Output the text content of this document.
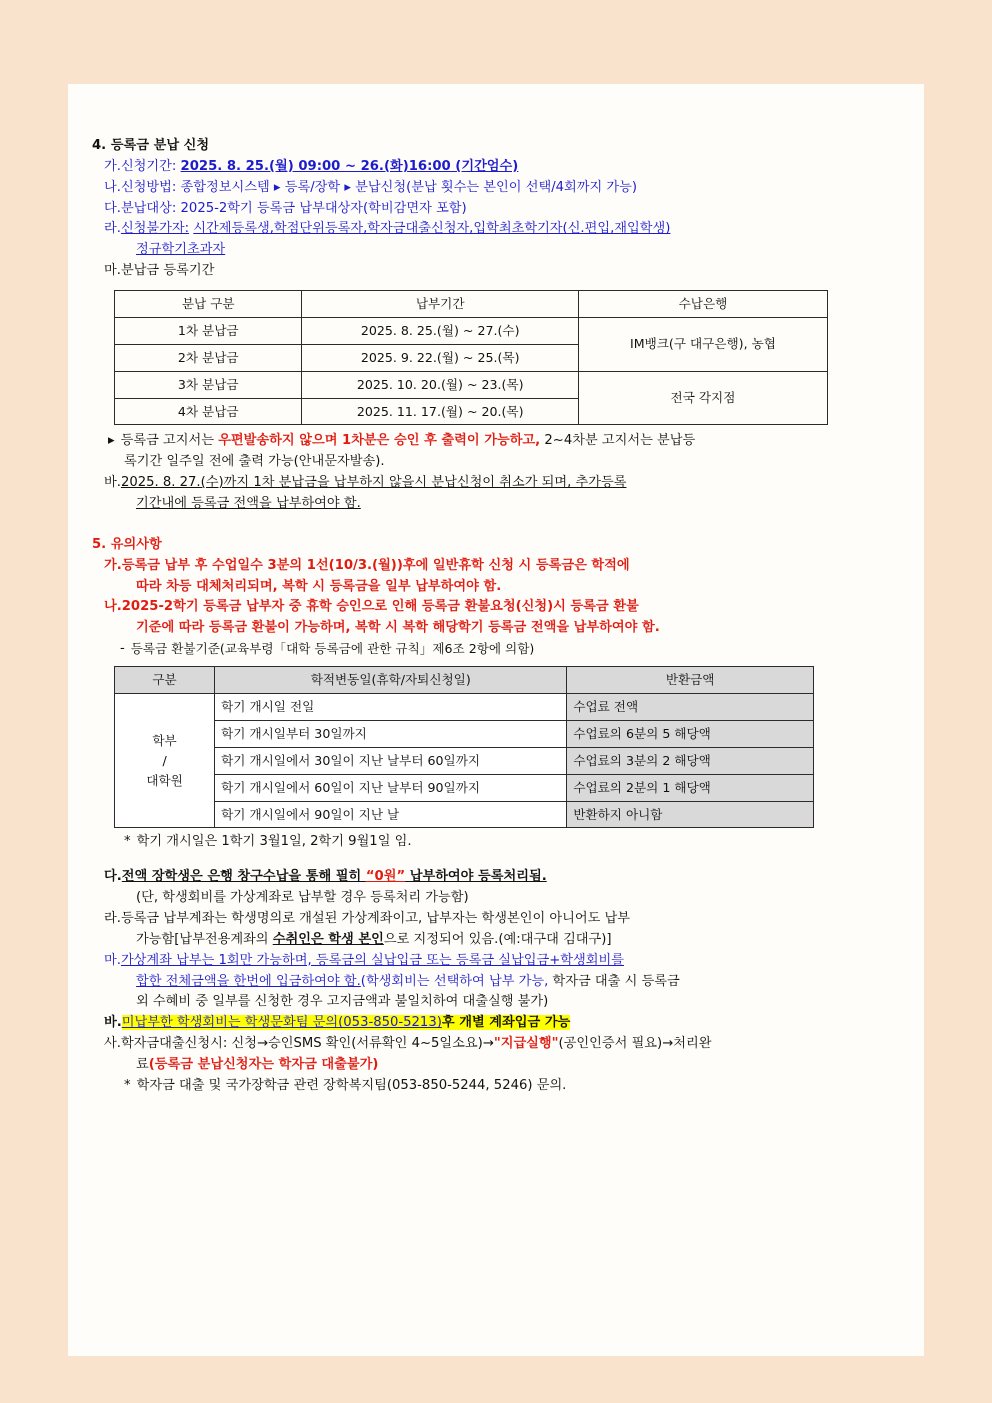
4. 등록금 분납 신청
가. 신청기간: 2025. 8. 25.(월) 09:00 ~ 26.(화)16:00 (기간엄수)
나. 신청방법: 종합정보시스템 ▸ 등록/장학 ▸ 분납신청(분납 횟수는 본인이 선택/4회까지 가능)
다. 분납대상: 2025-2학기 등록금 납부대상자(학비감면자 포함)
라. 신청불가자: 시간제등록생,학점단위등록자,학자금대출신청자,입학최초학기자(신.편입,재입학생)
정규학기초과자
마. 분납금 등록기간
분납 구분	납부기간	수납은행
1차 분납금	2025. 8. 25.(월) ~ 27.(수)	IM뱅크(구 대구은행), 농협
2차 분납금	2025. 9. 22.(월) ~ 25.(목)	
3차 분납금	2025. 10. 20.(월) ~ 23.(목)	전국 각지점
4차 분납금	2025. 11. 17.(월) ~ 20.(목)	
▸ 등록금 고지서는 우편발송하지 않으며 1차분은 승인 후 출력이 가능하고, 2~4차분 고지서는 분납등
록기간 일주일 전에 출력 가능(안내문자발송).
바. 2025. 8. 27.(수)까지 1차 분납금을 납부하지 않을시 분납신청이 취소가 되며, 추가등록
기간내에 등록금 전액을 납부하여야 함.
5. 유의사항
가. 등록금 납부 후 수업일수 3분의 1선(10/3.(월))후에 일반휴학 신청 시 등록금은 학적에
따라 차등 대체처리되며, 복학 시 등록금을 일부 납부하여야 함.
나. 2025-2학기 등록금 납부자 중 휴학 승인으로 인해 등록금 환불요청(신청)시 등록금 환불
기준에 따라 등록금 환불이 가능하며, 복학 시 복학 해당학기 등록금 전액을 납부하여야 함.
- 등록금 환불기준(교육부령「대학 등록금에 관한 규칙」제6조 2항에 의함)
구분	학적변동일(휴학/자퇴신청일)	반환금액

학부
/
대학원	학기 개시일 전일	수업료 전액
	학기 개시일부터 30일까지	수업료의 6분의 5 해당액
	학기 개시일에서 30일이 지난 날부터 60일까지	수업료의 3분의 2 해당액
	학기 개시일에서 60일이 지난 날부터 90일까지	수업료의 2분의 1 해당액
	학기 개시일에서 90일이 지난 날	반환하지 아니함
* 학기 개시일은 1학기 3월1일, 2학기 9월1일 임.
다. 전액 장학생은 은행 창구수납을 통해 필히 “0원” 납부하여야 등록처리됨.
(단, 학생회비를 가상계좌로 납부할 경우 등록처리 가능함)
라. 등록금 납부계좌는 학생명의로 개설된 가상계좌이고, 납부자는 학생본인이 아니어도 납부
가능함[납부전용계좌의 수취인은 학생 본인으로 지정되어 있음.(예:대구대 김대구)]
마. 가상계좌 납부는 1회만 가능하며, 등록금의 실납입금 또는 등록금 실납입금+학생회비를
합한 전체금액을 한번에 입금하여야 함.(학생회비는 선택하여 납부 가능, 학자금 대출 시 등록금
외 수혜비 중 일부를 신청한 경우 고지금액과 불일치하여 대출실행 불가)
바. 미납부한 학생회비는 학생문화팀 문의(053-850-5213)후 개별 계좌입금 가능
사. 학자금대출신청시: 신청→승인SMS 확인(서류확인 4~5일소요)→"지급실행"(공인인증서 필요)→처리완
료(등록금 분납신청자는 학자금 대출불가)
* 학자금 대출 및 국가장학금 관련 장학복지팀(053-850-5244, 5246) 문의.
